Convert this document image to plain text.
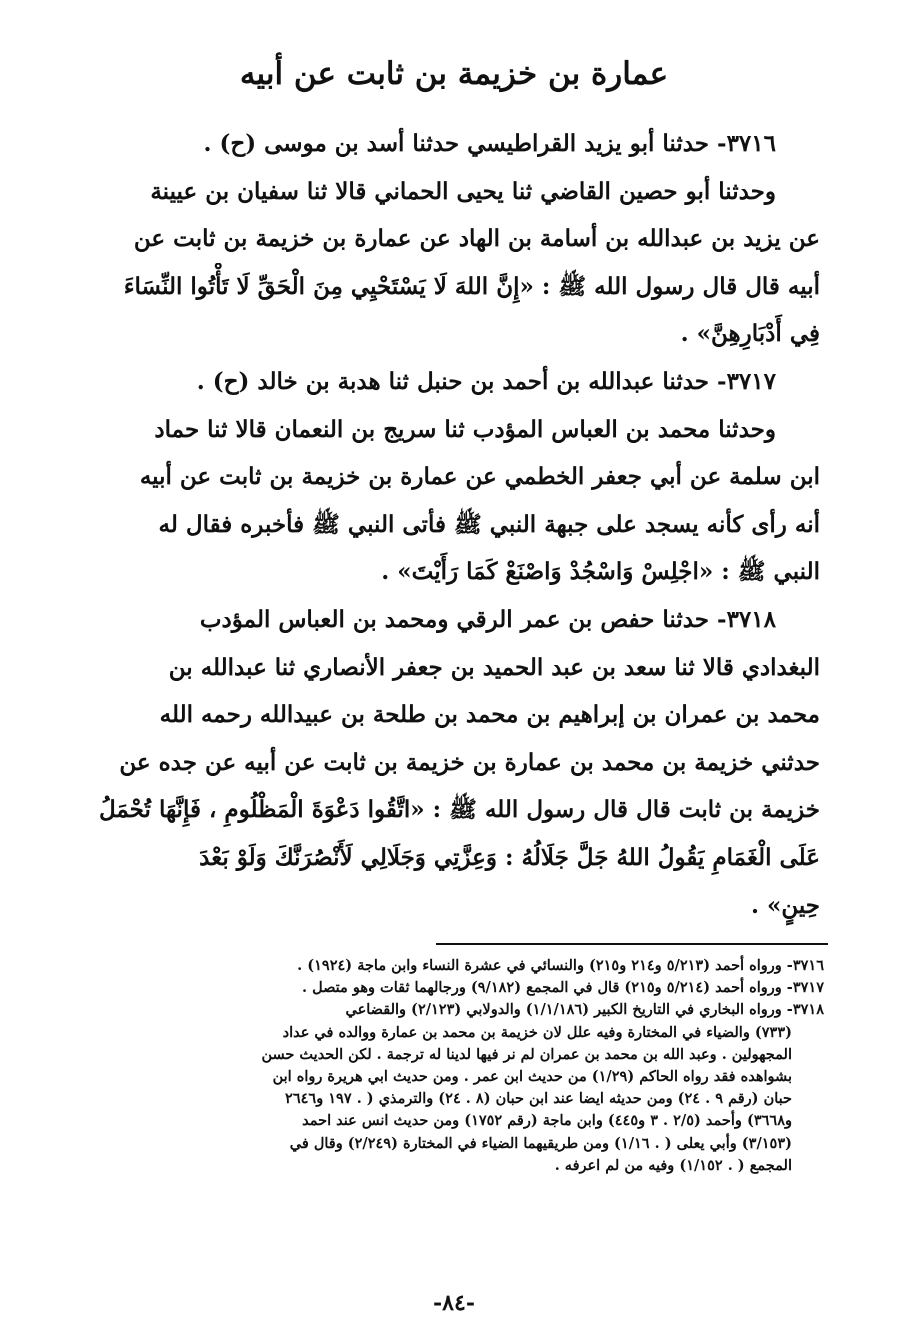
عمارة بن خزيمة بن ثابت عن أبيه
٣٧١٦- حدثنا أبو يزيد القراطيسي حدثنا أسد بن موسى (ح) .
وحدثنا أبو حصين القاضي ثنا يحيى الحماني قالا ثنا سفيان بن عيينة
عن يزيد بن عبدالله بن أسامة بن الهاد عن عمارة بن خزيمة بن ثابت عن
أبيه قال قال رسول الله ﷺ : «إِنَّ اللهَ لَا يَسْتَحْيِي مِنَ الْحَقِّ لَا تَأْتُوا النِّسَاءَ
فِي أَدْبَارِهِنَّ» .
٣٧١٧- حدثنا عبدالله بن أحمد بن حنبل ثنا هدبة بن خالد (ح) .
وحدثنا محمد بن العباس المؤدب ثنا سريج بن النعمان قالا ثنا حماد
ابن سلمة عن أبي جعفر الخطمي عن عمارة بن خزيمة بن ثابت عن أبيه
أنه رأى كأنه يسجد على جبهة النبي ﷺ فأتى النبي ﷺ فأخبره فقال له
النبي ﷺ : «اجْلِسْ وَاسْجُدْ وَاصْنَعْ كَمَا رَأَيْتَ» .
٣٧١٨- حدثنا حفص بن عمر الرقي ومحمد بن العباس المؤدب
البغدادي قالا ثنا سعد بن عبد الحميد بن جعفر الأنصاري ثنا عبدالله بن
محمد بن عمران بن إبراهيم بن محمد بن طلحة بن عبيدالله رحمه الله
حدثني خزيمة بن محمد بن عمارة بن خزيمة بن ثابت عن أبيه عن جده عن
خزيمة بن ثابت قال قال رسول الله ﷺ : «اتَّقُوا دَعْوَةَ الْمَظْلُومِ ، فَإِنَّهَا تُحْمَلُ
عَلَى الْغَمَامِ يَقُولُ اللهُ جَلَّ جَلَالُهُ : وَعِزَّتِي وَجَلَالِي لَأَنْصُرَنَّكَ وَلَوْ بَعْدَ
حِينٍ» .
٣٧١٦- ورواه أحمد (٥/٢١٣ و٢١٤ و٢١٥) والنسائي في عشرة النساء وابن ماجة (١٩٢٤) .
٣٧١٧- ورواه أحمد (٥/٢١٤ و٢١٥) قال في المجمع (٩/١٨٢) ورجالهما ثقات وهو متصل .
٣٧١٨- ورواه البخاري في التاريخ الكبير (١/١/١٨٦) والدولابي (٢/١٢٣) والقضاعي
(٧٣٣) والضياء في المختارة وفيه علل لان خزيمة بن محمد بن عمارة ووالده في عداد
المجهولين . وعبد الله بن محمد بن عمران لم نر فيها لدينا له ترجمة . لكن الحديث حسن
بشواهده فقد رواه الحاكم (١/٢٩) من حديث ابن عمر . ومن حديث ابي هريرة رواه ابن
حبان (رقم ٩ . ٢٤) ومن حديثه ايضا عند ابن حبان (٨ . ٢٤) والترمذي ( . ١٩٧ و٢٦٤٦
و٣٦٦٨) وأحمد (٢/٥ . ٣ و٤٤٥) وابن ماجة (رقم ١٧٥٢) ومن حديث انس عند احمد
(٣/١٥٣) وأبي يعلى ( . ١/١٦) ومن طريقيهما الضياء في المختارة (٢/٢٤٩) وقال في
المجمع ( . ١/١٥٢) وفيه من لم اعرفه .
-٨٤-
